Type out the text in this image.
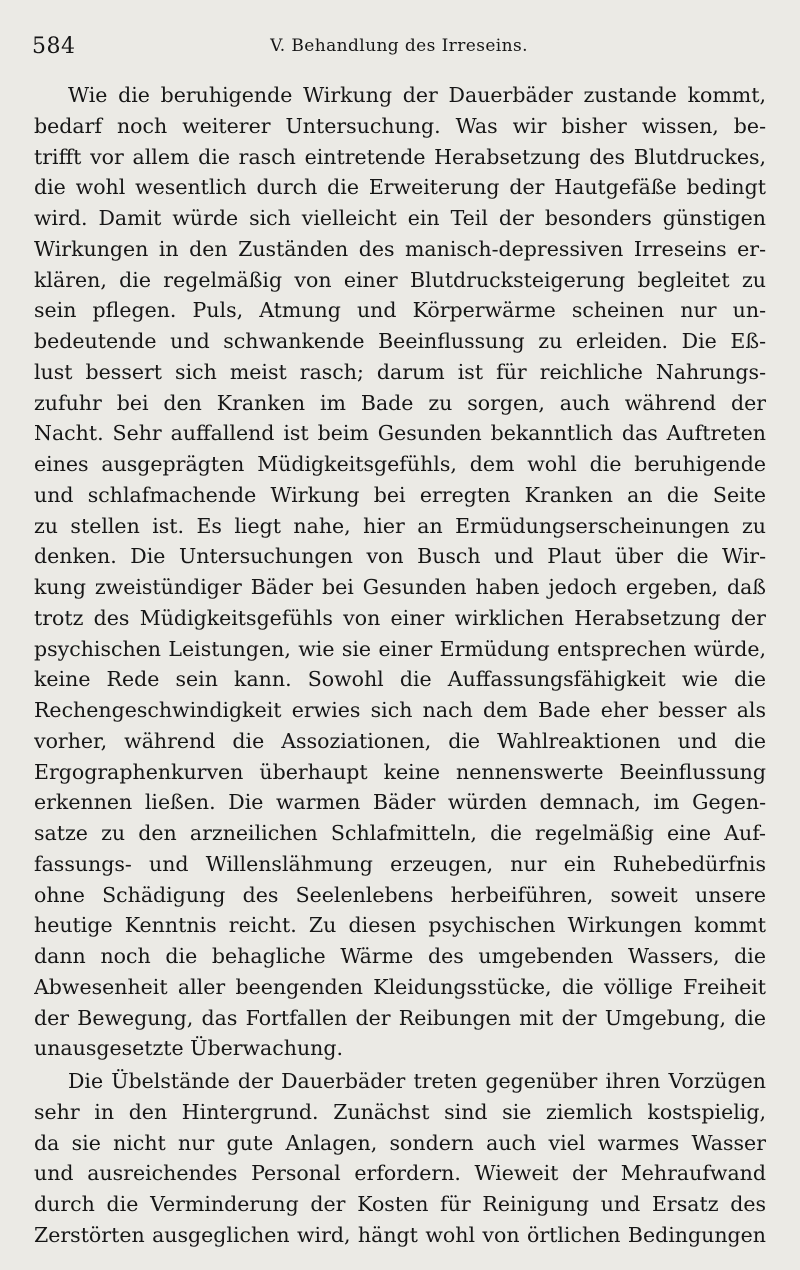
584	V. Behandlung des Irreseins.
Wie die beruhigende Wirkung der Dauerbäder zustande kommt,
bedarf noch weiterer Untersuchung. Was wir bisher wissen, be-
trifft vor allem die rasch eintretende Herabsetzung des Blutdruckes,
die wohl wesentlich durch die Erweiterung der Hautgefäße bedingt
wird. Damit würde sich vielleicht ein Teil der besonders günstigen
Wirkungen in den Zuständen des manisch-depressiven Irreseins er-
klären, die regelmäßig von einer Blutdrucksteigerung begleitet zu
sein pflegen. Puls, Atmung und Körperwärme scheinen nur un-
bedeutende und schwankende Beeinflussung zu erleiden. Die Eß-
lust bessert sich meist rasch; darum ist für reichliche Nahrungs-
zufuhr bei den Kranken im Bade zu sorgen, auch während der
Nacht. Sehr auffallend ist beim Gesunden bekanntlich das Auftreten
eines ausgeprägten Müdigkeitsgefühls, dem wohl die beruhigende
und schlafmachende Wirkung bei erregten Kranken an die Seite
zu stellen ist. Es liegt nahe, hier an Ermüdungserscheinungen zu
denken. Die Untersuchungen von Busch und Plaut über die Wir-
kung zweistündiger Bäder bei Gesunden haben jedoch ergeben, daß
trotz des Müdigkeitsgefühls von einer wirklichen Herabsetzung der
psychischen Leistungen, wie sie einer Ermüdung entsprechen würde,
keine Rede sein kann. Sowohl die Auffassungsfähigkeit wie die
Rechengeschwindigkeit erwies sich nach dem Bade eher besser als
vorher, während die Assoziationen, die Wahlreaktionen und die
Ergographenkurven überhaupt keine nennenswerte Beeinflussung
erkennen ließen. Die warmen Bäder würden demnach, im Gegen-
satze zu den arzneilichen Schlafmitteln, die regelmäßig eine Auf-
fassungs- und Willenslähmung erzeugen, nur ein Ruhebedürfnis
ohne Schädigung des Seelenlebens herbeiführen, soweit unsere
heutige Kenntnis reicht. Zu diesen psychischen Wirkungen kommt
dann noch die behagliche Wärme des umgebenden Wassers, die
Abwesenheit aller beengenden Kleidungsstücke, die völlige Freiheit
der Bewegung, das Fortfallen der Reibungen mit der Umgebung, die
unausgesetzte Überwachung.
Die Übelstände der Dauerbäder treten gegenüber ihren Vorzügen
sehr in den Hintergrund. Zunächst sind sie ziemlich kostspielig,
da sie nicht nur gute Anlagen, sondern auch viel warmes Wasser
und ausreichendes Personal erfordern. Wieweit der Mehraufwand
durch die Verminderung der Kosten für Reinigung und Ersatz des
Zerstörten ausgeglichen wird, hängt wohl von örtlichen Bedingungen
